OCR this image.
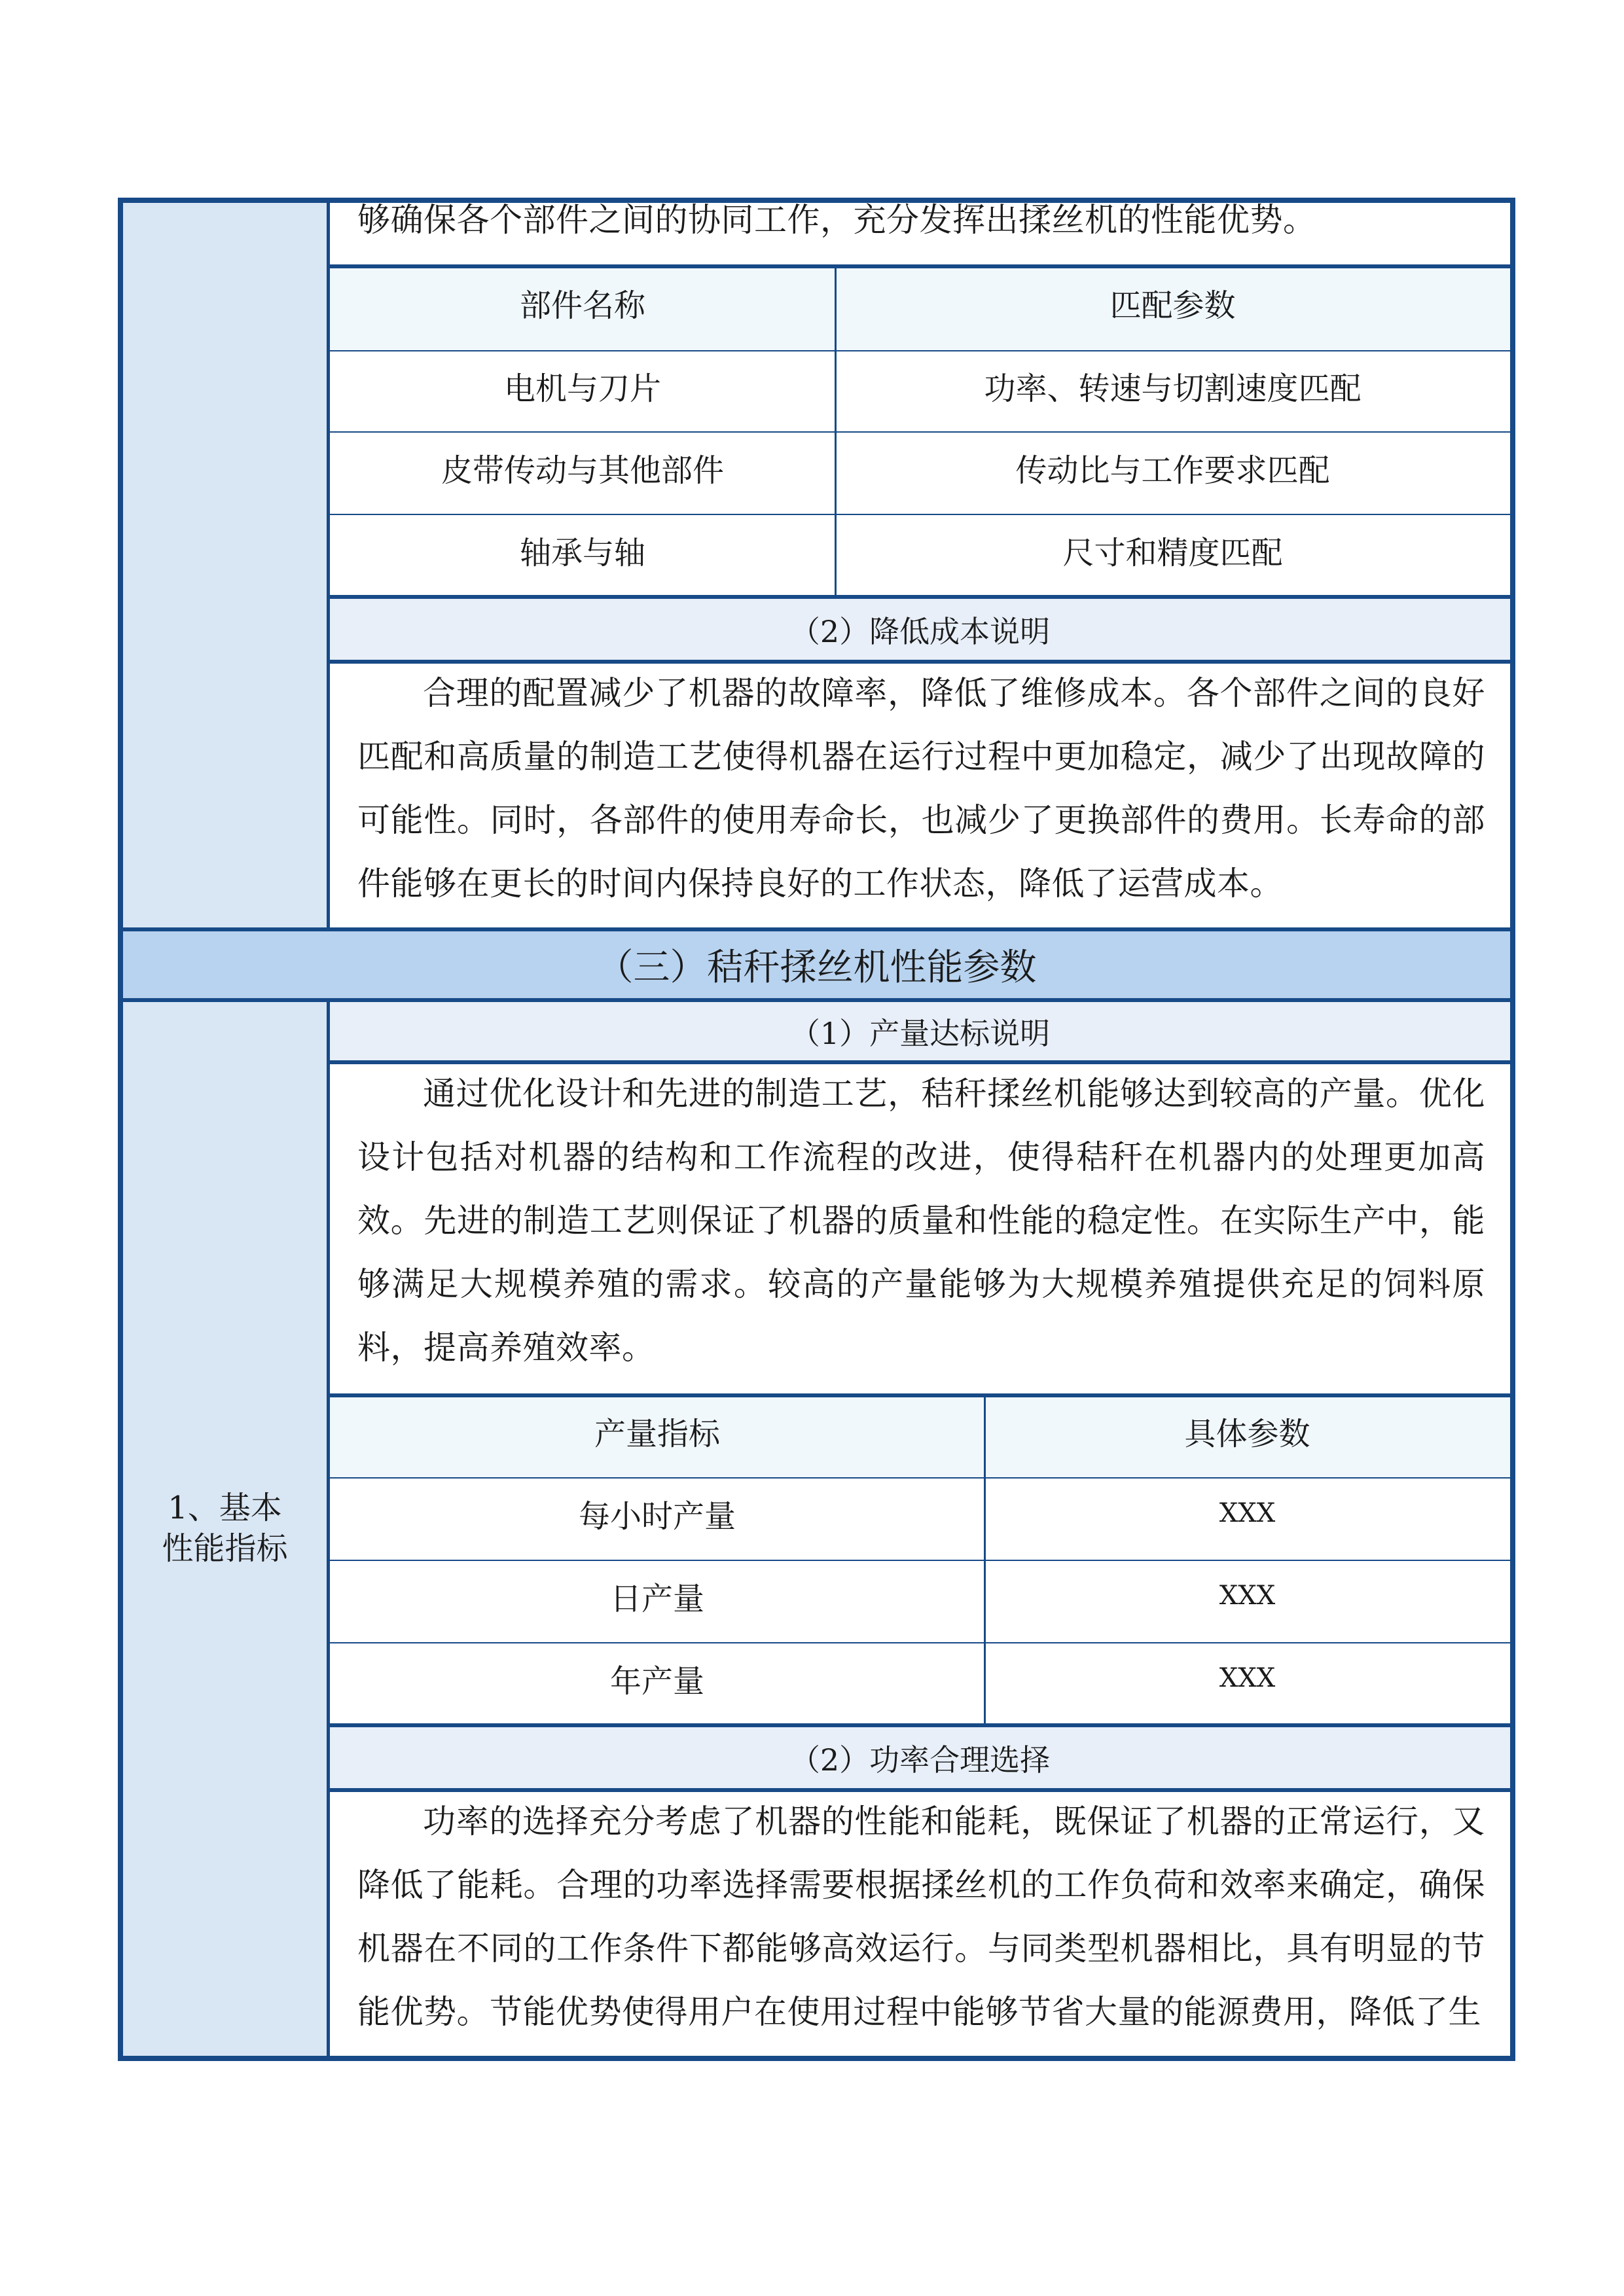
1、基本性能指标
够确保各个部件之间的协同工作，充分发挥出揉丝机的性能优势。
部件名称	匹配参数
电机与刀片	功率、转速与切割速度匹配
皮带传动与其他部件	传动比与工作要求匹配
轴承与轴	尺寸和精度匹配
（2）降低成本说明

合理的配置减少了机器的故障率，降低了维修成本。各个部件之间的良好匹配和高质量的制造工艺使得机器在运行过程中更加稳定，减少了出现故障的可能性。同时，各部件的使用寿命长，也减少了更换部件的费用。长寿命的部件能够在更长的时间内保持良好的工作状态，降低了运营成本。

（三）秸秆揉丝机性能参数
（1）产量达标说明

通过优化设计和先进的制造工艺，秸秆揉丝机能够达到较高的产量。优化设计包括对机器的结构和工作流程的改进，使得秸秆在机器内的处理更加高效。先进的制造工艺则保证了机器的质量和性能的稳定性。在实际生产中，能够满足大规模养殖的需求。较高的产量能够为大规模养殖提供充足的饲料原料，提高养殖效率。

产量指标	具体参数
每小时产量	XXX
日产量	XXX
年产量	XXX
（2）功率合理选择

功率的选择充分考虑了机器的性能和能耗，既保证了机器的正常运行，又降低了能耗。合理的功率选择需要根据揉丝机的工作负荷和效率来确定，确保机器在不同的工作条件下都能够高效运行。与同类型机器相比，具有明显的节能优势。节能优势使得用户在使用过程中能够节省大量的能源费用，降低了生
